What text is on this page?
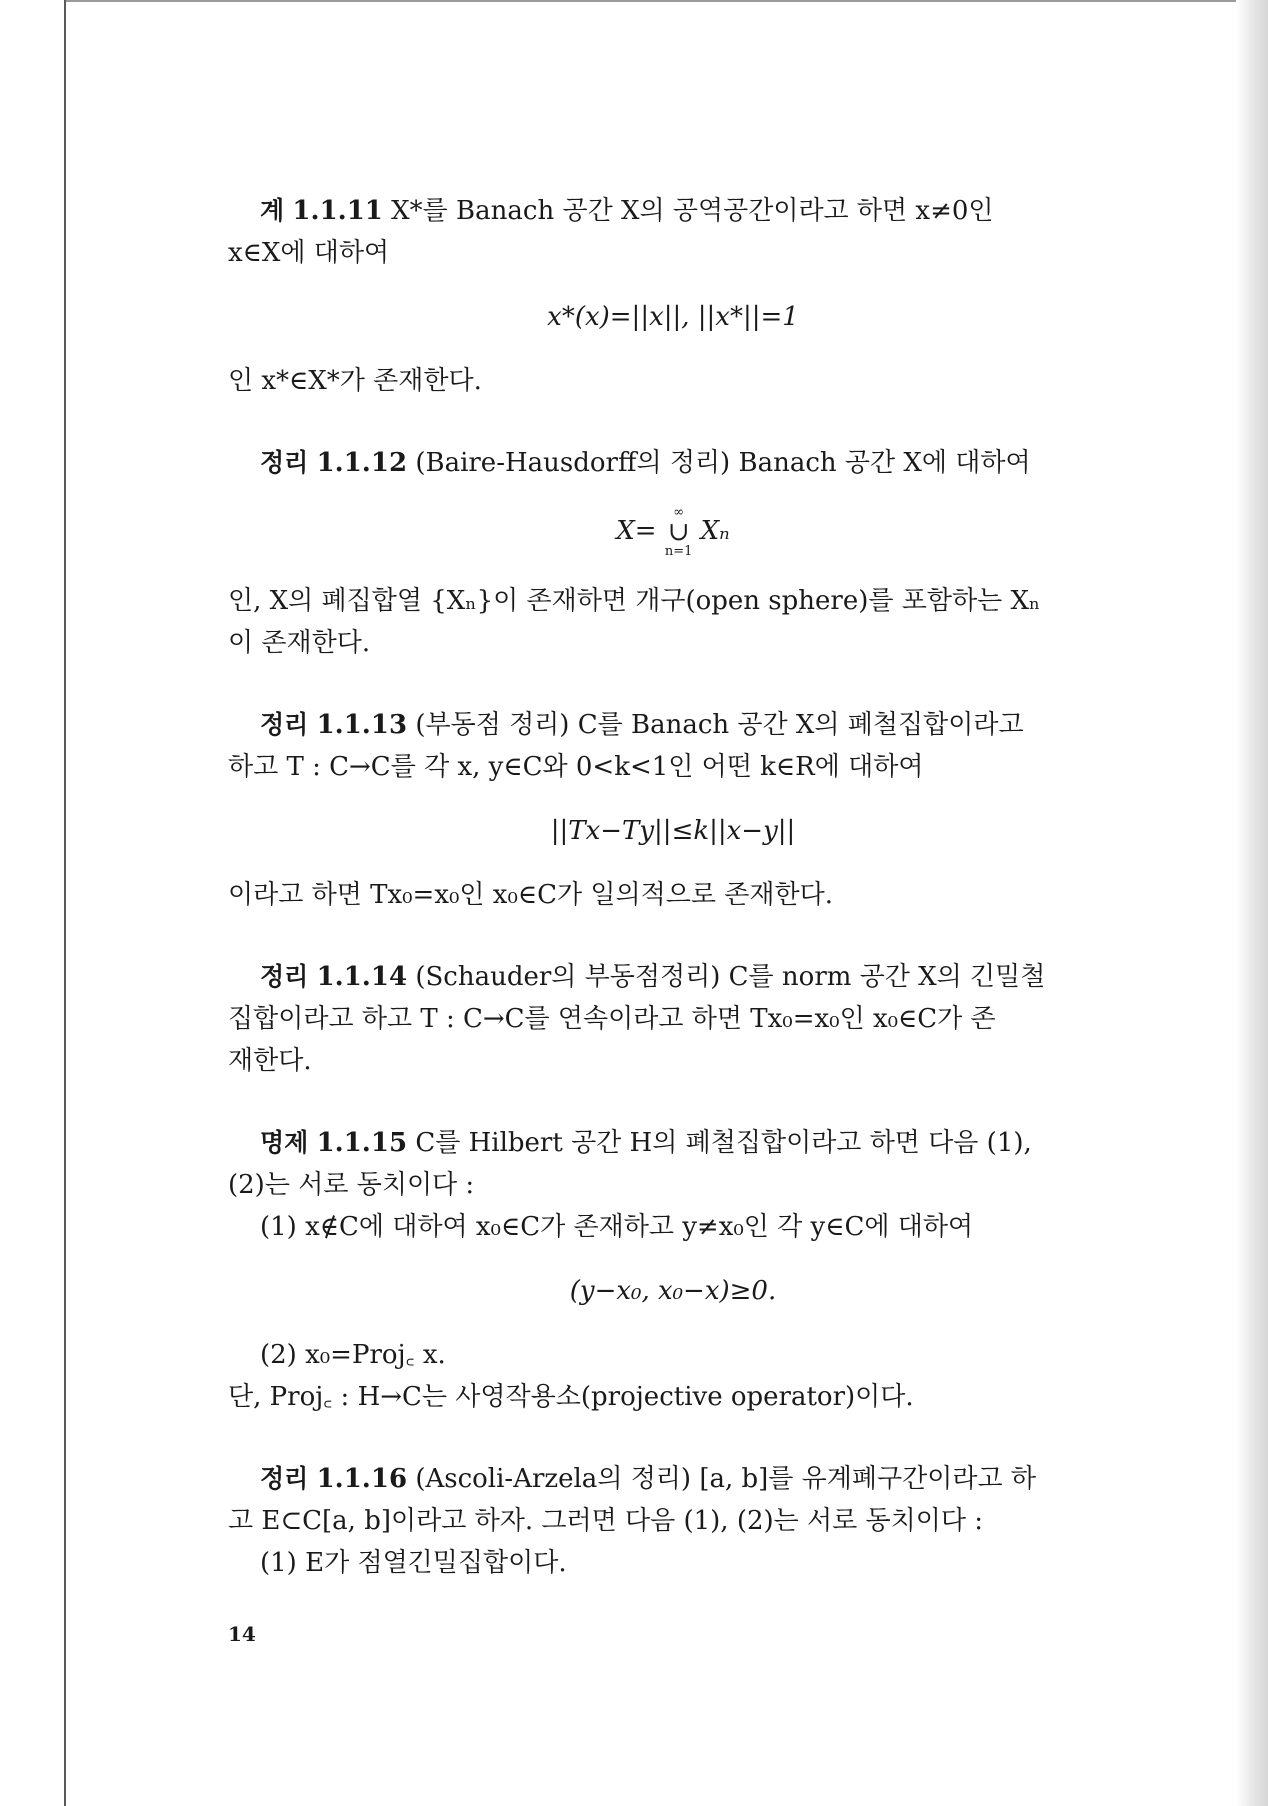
계 1.1.11 X*를 Banach 공간 X의 공역공간이라고 하면 x≠0인

x∈X에 대하여

x*(x)=||x||, ||x*||=1

인 x*∈X*가 존재한다.

정리 1.1.12 (Baire-Hausdorff의 정리) Banach 공간 X에 대하여

X=
∞
∪
n=1
Xₙ

인, X의 폐집합열 {Xₙ}이 존재하면 개구(open sphere)를 포함하는 Xₙ

이 존재한다.

정리 1.1.13 (부동점 정리) C를 Banach 공간 X의 폐철집합이라고

하고 T : C→C를 각 x, y∈C와 0<k<1인 어떤 k∈R에 대하여

||Tx−Ty||≤k||x−y||

이라고 하면 Tx₀=x₀인 x₀∈C가 일의적으로 존재한다.

정리 1.1.14 (Schauder의 부동점정리) C를 norm 공간 X의 긴밀철

집합이라고 하고 T : C→C를 연속이라고 하면 Tx₀=x₀인 x₀∈C가 존

재한다.

명제 1.1.15 C를 Hilbert 공간 H의 폐철집합이라고 하면 다음 (1),

(2)는 서로 동치이다 :

(1) x∉C에 대하여 x₀∈C가 존재하고 y≠x₀인 각 y∈C에 대하여

(y−x₀, x₀−x)≥0.

(2) x₀=Proj꜀ x.

단, Proj꜀ : H→C는 사영작용소(projective operator)이다.

정리 1.1.16 (Ascoli-Arzela의 정리) [a, b]를 유계폐구간이라고 하

고 E⊂C[a, b]이라고 하자. 그러면 다음 (1), (2)는 서로 동치이다 :

(1) E가 점열긴밀집합이다.

14
